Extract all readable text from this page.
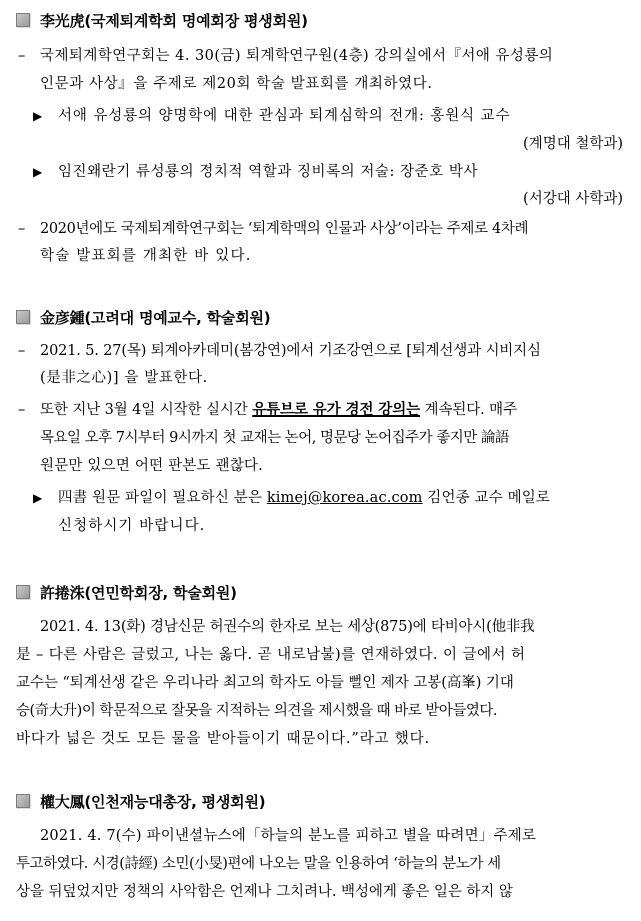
李光虎(국제퇴계학회 명예회장 평생회원)
– 국제퇴계학연구회는 4. 30(금) 퇴계학연구원(4층) 강의실에서『서애 유성룡의
인문과 사상』을 주제로 제20회 학술 발표회를 개최하였다.
▶ 서애 유성룡의 양명학에 대한 관심과 퇴계심학의 전개: 홍원식 교수
(계명대 철학과)
▶ 임진왜란기 류성룡의 정치적 역할과 징비록의 저술: 장준호 박사
(서강대 사학과)
– 2020년에도 국제퇴계학연구회는 ‘퇴계학맥의 인물과 사상’이라는 주제로 4차례
학술 발표회를 개최한 바 있다.
金彦鍾(고려대 명예교수, 학술회원)
– 2021. 5. 27(목) 퇴계아카데미(봄강연)에서 기조강연으로 [퇴계선생과 시비지심
(是非之心)] 을 발표한다.
– 또한 지난 3월 4일 시작한 실시간 유튜브로 유가 경전 강의는 계속된다. 매주
목요일 오후 7시부터 9시까지 첫 교재는 논어, 명문당 논어집주가 좋지만 論語
원문만 있으면 어떤 판본도 괜찮다.
▶ 四書 원문 파일이 필요하신 분은 kimej@korea.ac.com 김언종 교수 메일로
신청하시기 바랍니다.
許捲洙(연민학회장, 학술회원)
2021. 4. 13(화) 경남신문 허권수의 한자로 보는 세상(875)에 타비아시(他非我
是 – 다른 사람은 글렀고, 나는 옳다. 곧 내로남불)를 연재하였다. 이 글에서 허
교수는 “퇴계선생 같은 우리나라 최고의 학자도 아들 뻘인 제자 고봉(高峯) 기대
승(奇大升)이 학문적으로 잘못을 지적하는 의견을 제시했을 때 바로 받아들였다.
바다가 넓은 것도 모든 물을 받아들이기 때문이다.”라고 했다.
權大鳳(인천재능대총장, 평생회원)
2021. 4. 7(수) 파이낸셜뉴스에「하늘의 분노를 피하고 별을 따려면」주제로
투고하였다. 시경(詩經) 소민(小旻)편에 나오는 말을 인용하여 ‘하늘의 분노가 세
상을 뒤덮었지만 정책의 사악함은 언제나 그치려나. 백성에게 좋은 일은 하지 않
